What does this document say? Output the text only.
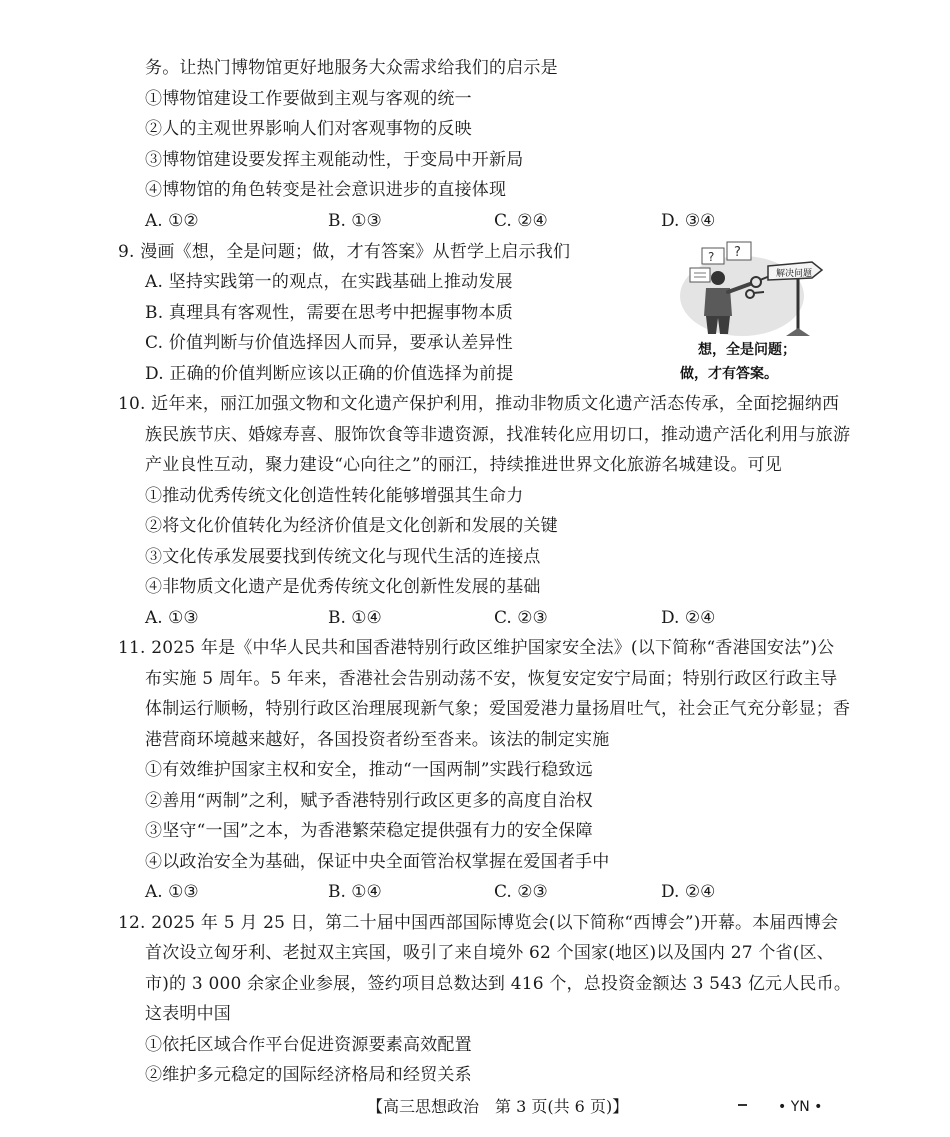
务。让热门博物馆更好地服务大众需求给我们的启示是
①博物馆建设工作要做到主观与客观的统一
②人的主观世界影响人们对客观事物的反映
③博物馆建设要发挥主观能动性，于变局中开新局
④博物馆的角色转变是社会意识进步的直接体现
A. ①②	B. ①③	C. ②④	D. ③④
9. 漫画《想，全是问题；做，才有答案》从哲学上启示我们
A. 坚持实践第一的观点，在实践基础上推动发展
B. 真理具有客观性，需要在思考中把握事物本质
C. 价值判断与价值选择因人而异，要承认差异性
D. 正确的价值判断应该以正确的价值选择为前提
? ?
解决问题
想，全是问题；
做，才有答案。
10. 近年来，丽江加强文物和文化遗产保护利用，推动非物质文化遗产活态传承，全面挖掘纳西
族民族节庆、婚嫁寿喜、服饰饮食等非遗资源，找准转化应用切口，推动遗产活化利用与旅游
产业良性互动，聚力建设“心向往之”的丽江，持续推进世界文化旅游名城建设。可见
①推动优秀传统文化创造性转化能够增强其生命力
②将文化价值转化为经济价值是文化创新和发展的关键
③文化传承发展要找到传统文化与现代生活的连接点
④非物质文化遗产是优秀传统文化创新性发展的基础
A. ①③	B. ①④	C. ②③	D. ②④
11. 2025 年是《中华人民共和国香港特别行政区维护国家安全法》(以下简称“香港国安法”)公
布实施 5 周年。5 年来，香港社会告别动荡不安，恢复安定安宁局面；特别行政区行政主导
体制运行顺畅，特别行政区治理展现新气象；爱国爱港力量扬眉吐气，社会正气充分彰显；香
港营商环境越来越好，各国投资者纷至沓来。该法的制定实施
①有效维护国家主权和安全，推动“一国两制”实践行稳致远
②善用“两制”之利，赋予香港特别行政区更多的高度自治权
③坚守“一国”之本，为香港繁荣稳定提供强有力的安全保障
④以政治安全为基础，保证中央全面管治权掌握在爱国者手中
A. ①③	B. ①④	C. ②③	D. ②④
12. 2025 年 5 月 25 日，第二十届中国西部国际博览会(以下简称“西博会”)开幕。本届西博会
首次设立匈牙利、老挝双主宾国，吸引了来自境外 62 个国家(地区)以及国内 27 个省(区、
市)的 3 000 余家企业参展，签约项目总数达到 416 个，总投资金额达 3 543 亿元人民币。
这表明中国
①依托区域合作平台促进资源要素高效配置
②维护多元稳定的国际经济格局和经贸关系
【高三思想政治　第 3 页(共 6 页)】	• YN •
